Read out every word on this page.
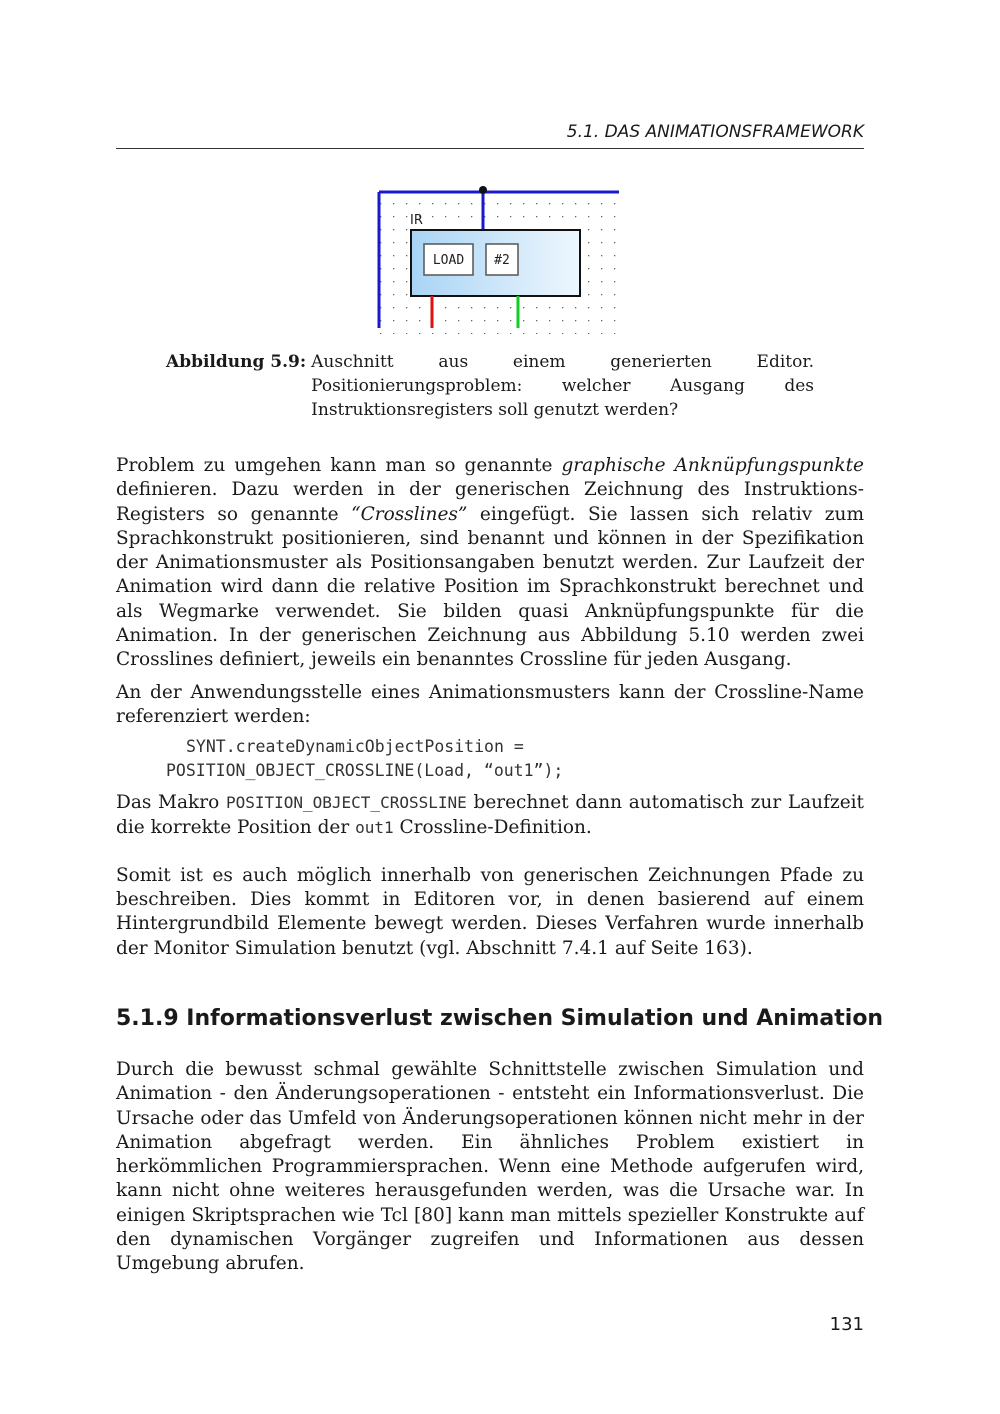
5.1. DAS ANIMATIONSFRAMEWORK
IR
LOAD #2
Abbildung 5.9: Auschnitt aus einem generierten Editor. Positionierungsproblem: welcher Ausgang des Instruktionsregisters soll genutzt werden?

Problem zu umgehen kann man so genannte graphische Anknüpfungspunkte definieren. Dazu werden in der generischen Zeichnung des Instruktions-Registers so genannte “Crosslines” eingefügt. Sie lassen sich relativ zum Sprachkonstrukt positionieren, sind benannt und können in der Spezifikation der Animationsmuster als Positionsangaben benutzt werden. Zur Laufzeit der Animation wird dann die relative Position im Sprachkonstrukt berechnet und als Wegmarke verwendet. Sie bilden quasi Anknüpfungspunkte für die Animation. In der generischen Zeichnung aus Abbildung 5.10 werden zwei Crosslines definiert, jeweils ein benanntes Crossline für jeden Ausgang.

An der Anwendungsstelle eines Animationsmusters kann der Crossline-Name referenziert werden:

SYNT.createDynamicObjectPosition =
POSITION_OBJECT_CROSSLINE(Load, “out1”);

Das Makro POSITION_OBJECT_CROSSLINE berechnet dann automatisch zur Laufzeit die korrekte Position der out1 Crossline-Definition.

Somit ist es auch möglich innerhalb von generischen Zeichnungen Pfade zu beschreiben. Dies kommt in Editoren vor, in denen basierend auf einem Hintergrundbild Elemente bewegt werden. Dieses Verfahren wurde innerhalb der Monitor Simulation benutzt (vgl. Abschnitt 7.4.1 auf Seite 163).

5.1.9 Informationsverlust zwischen Simulation und Animation

Durch die bewusst schmal gewählte Schnittstelle zwischen Simulation und Animation - den Änderungsoperationen - entsteht ein Informationsverlust. Die Ursache oder das Umfeld von Änderungsoperationen können nicht mehr in der Animation abgefragt werden. Ein ähnliches Problem existiert in herkömmlichen Programmiersprachen. Wenn eine Methode aufgerufen wird, kann nicht ohne weiteres herausgefunden werden, was die Ursache war. In einigen Skriptsprachen wie Tcl [80] kann man mittels spezieller Konstrukte auf den dynamischen Vorgänger zugreifen und Informationen aus dessen Umgebung abrufen.

131
